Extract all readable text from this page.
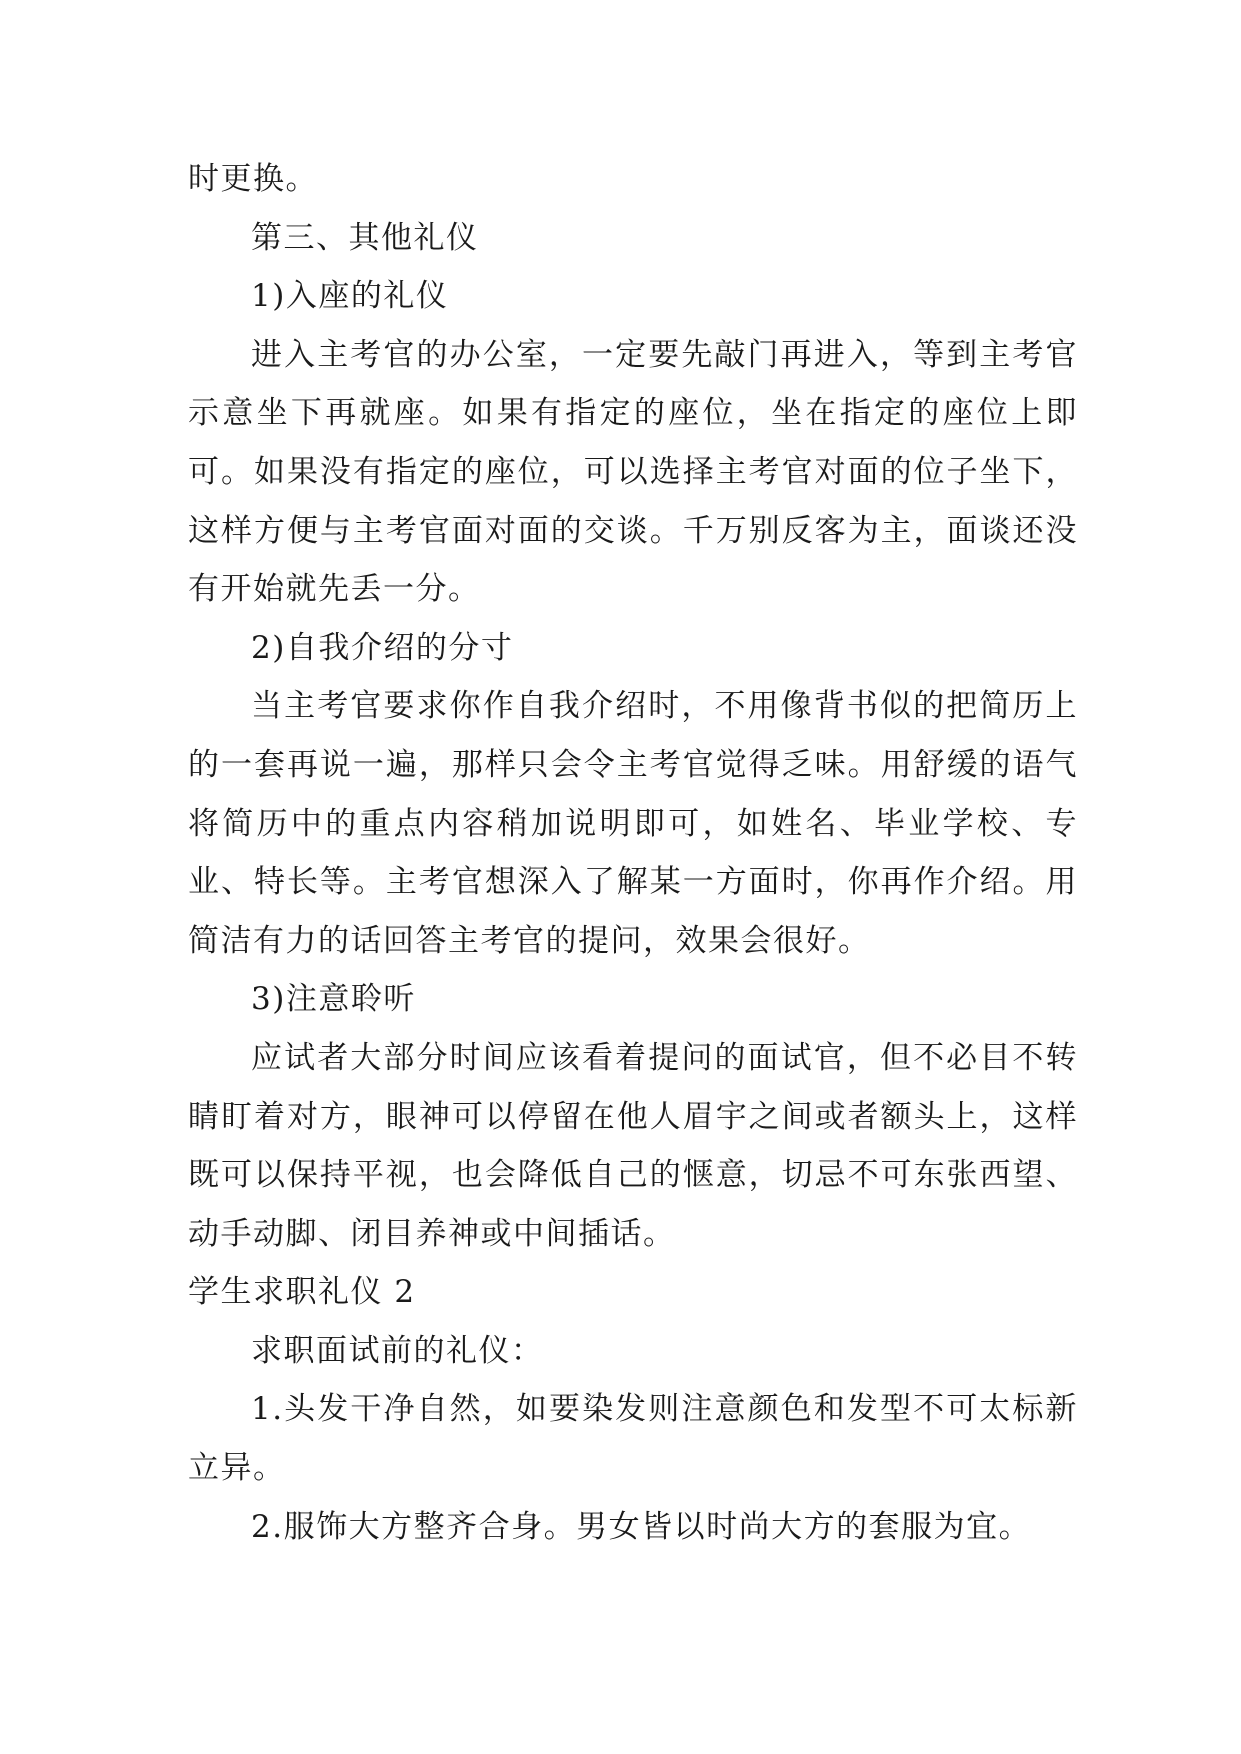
时更换。

第三、其他礼仪

1)入座的礼仪

进入主考官的办公室，一定要先敲门再进入，等到主考官示意坐下再就座。如果有指定的座位，坐在指定的座位上即可。如果没有指定的座位，可以选择主考官对面的位子坐下，这样方便与主考官面对面的交谈。千万别反客为主，面谈还没有开始就先丢一分。

2)自我介绍的分寸

当主考官要求你作自我介绍时，不用像背书似的把简历上的一套再说一遍，那样只会令主考官觉得乏味。用舒缓的语气将简历中的重点内容稍加说明即可，如姓名、毕业学校、专业、特长等。主考官想深入了解某一方面时，你再作介绍。用简洁有力的话回答主考官的提问，效果会很好。

3)注意聆听

应试者大部分时间应该看着提问的面试官，但不必目不转睛盯着对方，眼神可以停留在他人眉宇之间或者额头上，这样既可以保持平视，也会降低自己的惬意，切忌不可东张西望、动手动脚、闭目养神或中间插话。

学生求职礼仪 2

求职面试前的礼仪：

1.头发干净自然，如要染发则注意颜色和发型不可太标新立异。

2.服饰大方整齐合身。男女皆以时尚大方的套服为宜。
